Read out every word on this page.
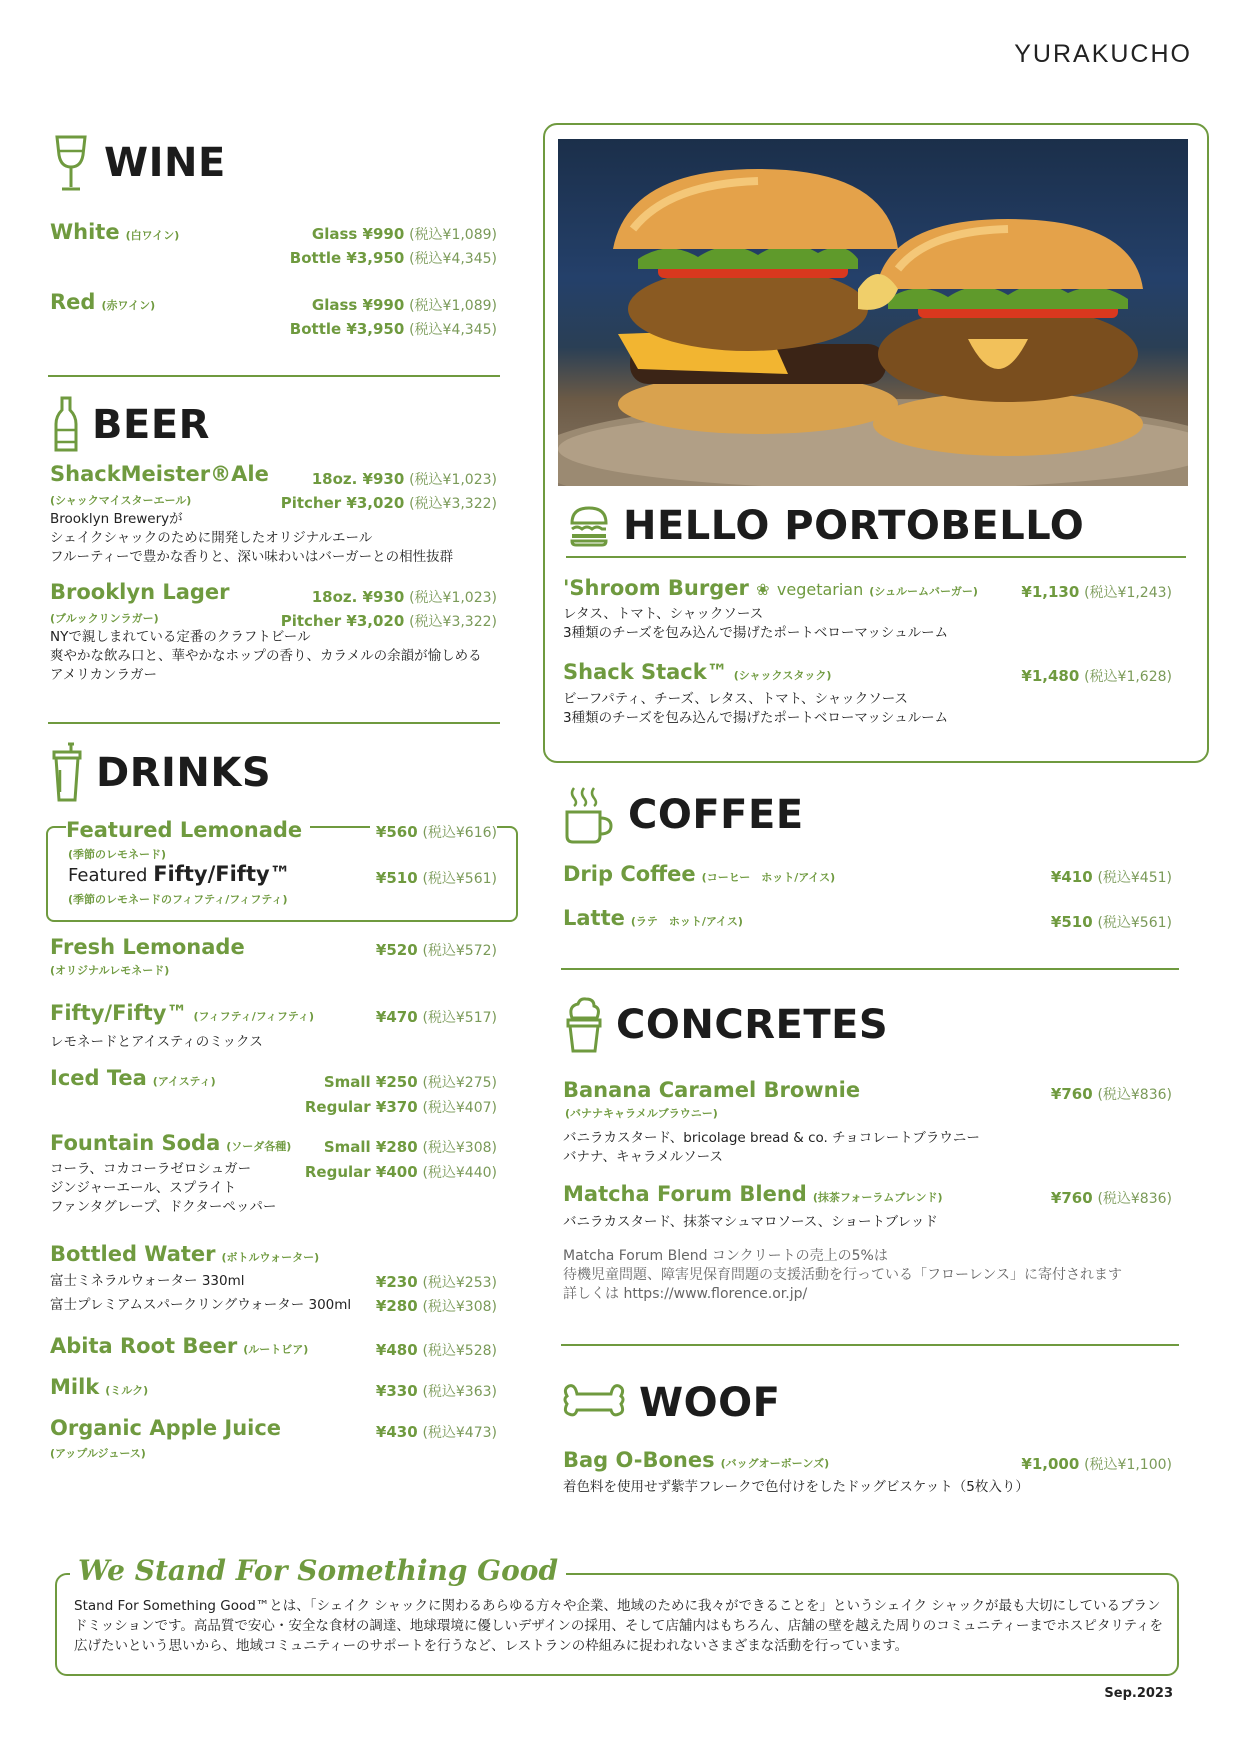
YURAKUCHO
WINE
White (白ワイン)	Glass ¥990 (税込¥1,089)
Bottle ¥3,950 (税込¥4,345)
Red (赤ワイン)	Glass ¥990 (税込¥1,089)
Bottle ¥3,950 (税込¥4,345)
BEER
ShackMeister®Ale
(シャックマイスターエール)
18oz. ¥930 (税込¥1,023)
Pitcher ¥3,020 (税込¥3,322)
Brooklyn Breweryが
シェイクシャックのために開発したオリジナルエール
フルーティーで豊かな香りと、深い味わいはバーガーとの相性抜群
Brooklyn Lager
(ブルックリンラガー)
18oz. ¥930 (税込¥1,023)
Pitcher ¥3,020 (税込¥3,322)
NYで親しまれている定番のクラフトビール
爽やかな飲み口と、華やかなホップの香り、カラメルの余韻が愉しめる
アメリカンラガー
DRINKS
Featured Lemonade
(季節のレモネード)
¥560 (税込¥616)
Featured Fifty/Fifty™
(季節のレモネードのフィフティ/フィフティ)
¥510 (税込¥561)
Fresh Lemonade
(オリジナルレモネード)
¥520 (税込¥572)
Fifty/Fifty™ (フィフティ/フィフティ)	¥470 (税込¥517)
レモネードとアイスティのミックス
Iced Tea (アイスティ)	Small ¥250 (税込¥275)
Regular ¥370 (税込¥407)
Fountain Soda (ソーダ各種) Small ¥280 (税込¥308)
Regular ¥400 (税込¥440)
コーラ、コカコーラゼロシュガー
ジンジャーエール、スプライト
ファンタグレープ、ドクターペッパー
Bottled Water (ボトルウォーター)
富士ミネラルウォーター 330ml	¥230 (税込¥253)
富士プレミアムスパークリングウォーター 300ml ¥280 (税込¥308)
Abita Root Beer (ルートビア)	¥480 (税込¥528)
Milk (ミルク)	¥330 (税込¥363)
Organic Apple Juice
(アップルジュース)
¥430 (税込¥473)
HELLO PORTOBELLO
'Shroom Burger ❀ vegetarian (シュルームバーガー)	¥1,130 (税込¥1,243)
レタス、トマト、シャックソース
3種類のチーズを包み込んで揚げたポートベローマッシュルーム
Shack Stack™ (シャックスタック)	¥1,480 (税込¥1,628)
ビーフパティ、チーズ、レタス、トマト、シャックソース
3種類のチーズを包み込んで揚げたポートベローマッシュルーム
COFFEE
Drip Coffee (コーヒー　ホット/アイス)	¥410 (税込¥451)
Latte (ラテ　ホット/アイス)	¥510 (税込¥561)
CONCRETES
Banana Caramel Brownie
(バナナキャラメルブラウニー)
¥760 (税込¥836)
バニラカスタード、bricolage bread & co. チョコレートブラウニー
バナナ、キャラメルソース
Matcha Forum Blend (抹茶フォーラムブレンド)	¥760 (税込¥836)
バニラカスタード、抹茶マシュマロソース、ショートブレッド
Matcha Forum Blend コンクリートの売上の5%は
待機児童問題、障害児保育問題の支援活動を行っている「フローレンス」に寄付されます
詳しくは https://www.florence.or.jp/
WOOF
Bag O-Bones (バッグオーボーンズ)	¥1,000 (税込¥1,100)
着色料を使用せず紫芋フレークで色付けをしたドッグビスケット（5枚入り）
We Stand For Something Good
Stand For Something Good™とは、「シェイク シャックに関わるあらゆる方々や企業、地域のために我々ができることを」というシェイク シャックが最も大切にしているブランドミッションです。高品質で安心・安全な食材の調達、地球環境に優しいデザインの採用、そして店舗内はもちろん、店舗の壁を越えた周りのコミュニティーまでホスピタリティを広げたいという思いから、地域コミュニティーのサポートを行うなど、レストランの枠組みに捉われないさまざまな活動を行っています。
Sep.2023
